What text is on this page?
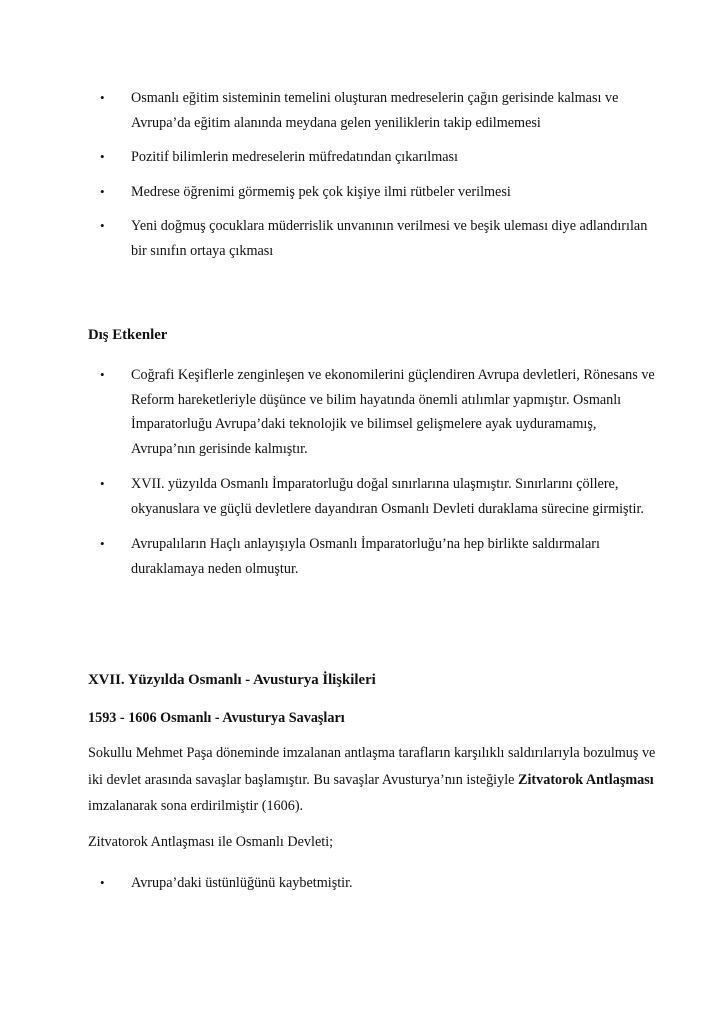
• Osmanlı eğitim sisteminin temelini oluşturan medreselerin çağın gerisinde kalması ve Avrupa’da eğitim alanında meydana gelen yeniliklerin takip edilmemesi
• Pozitif bilimlerin medreselerin müfredatından çıkarılması
• Medrese öğrenimi görmemiş pek çok kişiye ilmi rütbeler verilmesi
• Yeni doğmuş çocuklara müderrislik unvanının verilmesi ve beşik uleması diye adlandırılan bir sınıfın ortaya çıkması
Dış Etkenler
• Coğrafi Keşiflerle zenginleşen ve ekonomilerini güçlendiren Avrupa devletleri, Rönesans ve Reform hareketleriyle düşünce ve bilim hayatında önemli atılımlar yapmıştır. Osmanlı İmparatorluğu Avrupa’daki teknolojik ve bilimsel gelişmelere ayak uyduramamış, Avrupa’nın gerisinde kalmıştır.
• XVII. yüzyılda Osmanlı İmparatorluğu doğal sınırlarına ulaşmıştır. Sınırlarını çöllere, okyanuslara ve güçlü devletlere dayandıran Osmanlı Devleti duraklama sürecine girmiştir.
• Avrupalıların Haçlı anlayışıyla Osmanlı İmparatorluğu’na hep birlikte saldırmaları duraklamaya neden olmuştur.
XVII. Yüzyılda Osmanlı - Avusturya İlişkileri
1593 - 1606 Osmanlı - Avusturya Savaşları

Sokullu Mehmet Paşa döneminde imzalanan antlaşma tarafların karşılıklı saldırılarıyla bozulmuş ve iki devlet arasında savaşlar başlamıştır. Bu savaşlar Avusturya’nın isteğiyle Zitvatorok Antlaşması imzalanarak sona erdirilmiştir (1606).

Zitvatorok Antlaşması ile Osmanlı Devleti;

• Avrupa’daki üstünlüğünü kaybetmiştir.
